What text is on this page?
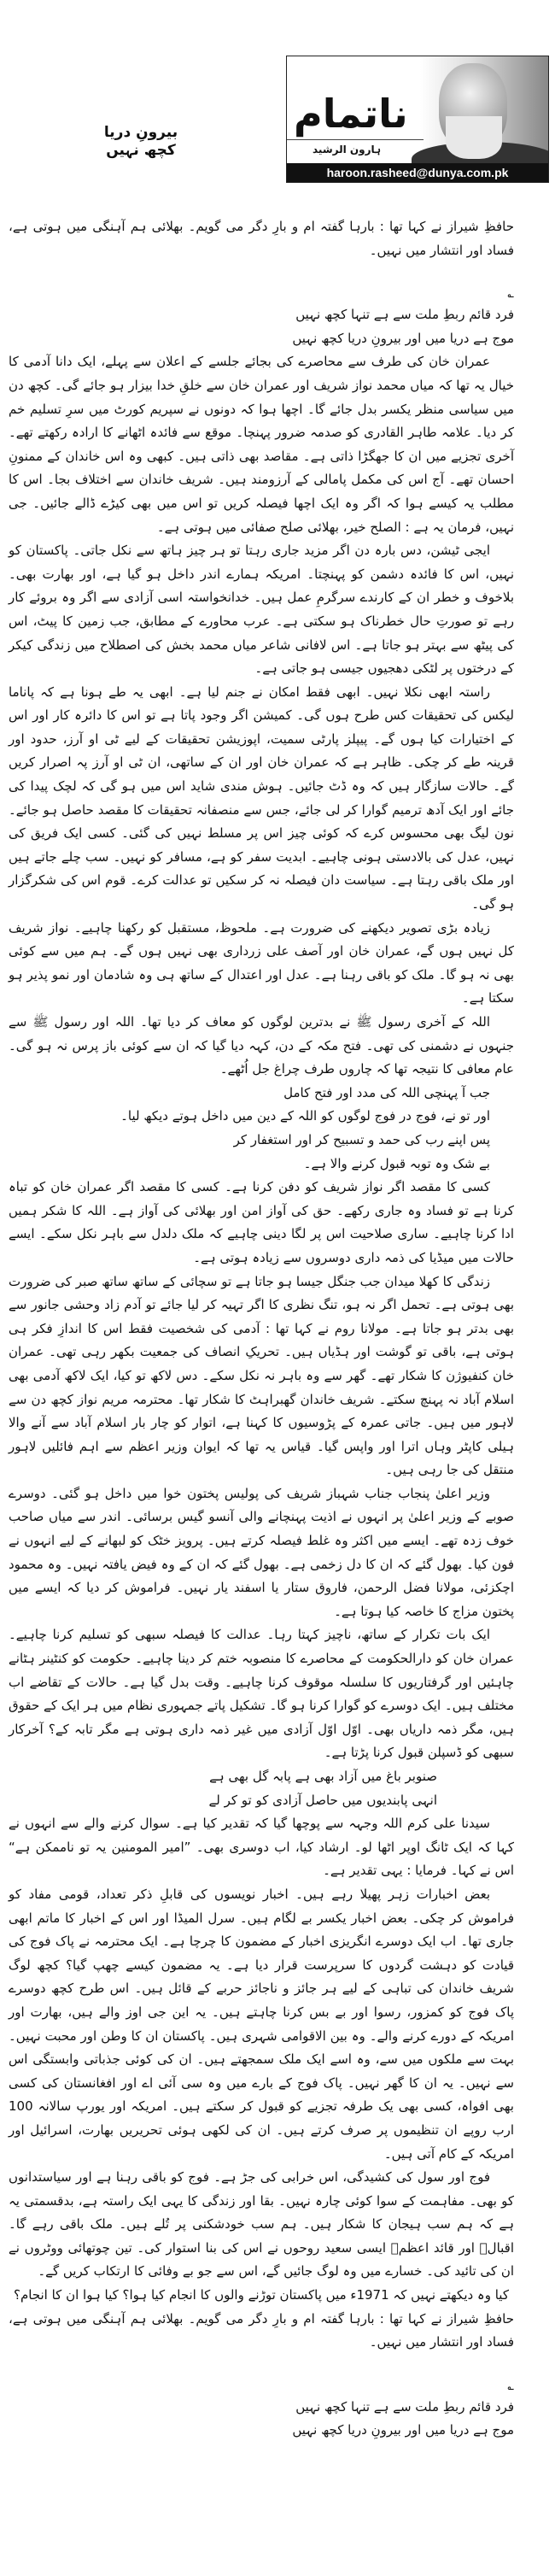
ناتمام
ہارون الرشید
haroon.rasheed@dunya.com.pk
بیرونِ دریا کچھ نہیں

حافظِ شیراز نے کہا تھا : بارہا گفتہ ام و بارِ دگر می گویم۔ بھلائی ہم آہنگی میں ہوتی ہے، فساد اور انتشار میں نہیں۔

؎
فرد قائم ربطِ ملت سے ہے تنہا کچھ نہیں
موج ہے دریا میں اور بیرونِ دریا کچھ نہیں

عمران خان کی طرف سے محاصرے کی بجائے جلسے کے اعلان سے پہلے، ایک دانا آدمی کا خیال یہ تھا کہ میاں محمد نواز شریف اور عمران خان سے خلقِ خدا بیزار ہو جائے گی۔ کچھ دن میں سیاسی منظر یکسر بدل جائے گا۔ اچھا ہوا کہ دونوں نے سپریم کورٹ میں سرِ تسلیم خم کر دیا۔ علامہ طاہر القادری کو صدمہ ضرور پہنچا۔ موقع سے فائدہ اٹھانے کا ارادہ رکھتے تھے۔ آخری تجزیے میں ان کا جھگڑا ذاتی ہے۔ مقاصد بھی ذاتی ہیں۔ کبھی وہ اس خاندان کے ممنونِ احسان تھے۔ آج اس کی مکمل پامالی کے آرزومند ہیں۔ شریف خاندان سے اختلاف بجا۔ اس کا مطلب یہ کیسے ہوا کہ اگر وہ ایک اچھا فیصلہ کریں تو اس میں بھی کیڑے ڈالے جائیں۔ جی نہیں، فرمان یہ ہے : الصلح خیر، بھلائی صلح صفائی میں ہوتی ہے۔

ایجی ٹیشن، دس بارہ دن اگر مزید جاری رہتا تو ہر چیز ہاتھ سے نکل جاتی۔ پاکستان کو نہیں، اس کا فائدہ دشمن کو پہنچتا۔ امریکہ ہمارے اندر داخل ہو گیا ہے، اور بھارت بھی۔ بلاخوف و خطر ان کے کارندے سرگرمِ عمل ہیں۔ خدانخواستہ اسی آزادی سے اگر وہ بروئے کار رہے تو صورتِ حال خطرناک ہو سکتی ہے۔ عرب محاورے کے مطابق، جب زمین کا پیٹ، اس کی پیٹھ سے بہتر ہو جاتا ہے۔ اس لافانی شاعر میاں محمد بخش کی اصطلاح میں زندگی کیکر کے درختوں پر لٹکی دھجیوں جیسی ہو جاتی ہے۔

راستہ ابھی نکلا نہیں۔ ابھی فقط امکان نے جنم لیا ہے۔ ابھی یہ طے ہونا ہے کہ پاناما لیکس کی تحقیقات کس طرح ہوں گی۔ کمیشن اگر وجود پاتا ہے تو اس کا دائرہ کار اور اس کے اختیارات کیا ہوں گے۔ پیپلز پارٹی سمیت، اپوزیشن تحقیقات کے لیے ٹی او آرز، حدود اور قرینہ طے کر چکی۔ ظاہر ہے کہ عمران خان اور ان کے ساتھی، ان ٹی او آرز پہ اصرار کریں گے۔ حالات سازگار ہیں کہ وہ ڈٹ جائیں۔ ہوش مندی شاید اس میں ہو گی کہ لچک پیدا کی جائے اور ایک آدھ ترمیم گوارا کر لی جائے، جس سے منصفانہ تحقیقات کا مقصد حاصل ہو جائے۔ نون لیگ بھی محسوس کرے کہ کوئی چیز اس پر مسلط نہیں کی گئی۔ کسی ایک فریق کی نہیں، عدل کی بالادستی ہونی چاہیے۔ ابدیت سفر کو ہے، مسافر کو نہیں۔ سب چلے جاتے ہیں اور ملک باقی رہتا ہے۔ سیاست دان فیصلہ نہ کر سکیں تو عدالت کرے۔ قوم اس کی شکرگزار ہو گی۔

زیادہ بڑی تصویر دیکھنے کی ضرورت ہے۔ ملحوظ، مستقبل کو رکھنا چاہیے۔ نواز شریف کل نہیں ہوں گے، عمران خان اور آصف علی زرداری بھی نہیں ہوں گے۔ ہم میں سے کوئی بھی نہ ہو گا۔ ملک کو باقی رہنا ہے۔ عدل اور اعتدال کے ساتھ ہی وہ شادمان اور نمو پذیر ہو سکتا ہے۔

اللہ کے آخری رسول ﷺ نے بدترین لوگوں کو معاف کر دیا تھا۔ اللہ اور رسول ﷺ سے جنہوں نے دشمنی کی تھی۔ فتح مکہ کے دن، کہہ دیا گیا کہ ان سے کوئی باز پرس نہ ہو گی۔ عام معافی کا نتیجہ تھا کہ چاروں طرف چراغ جل اُٹھے۔

جب آ پہنچی اللہ کی مدد اور فتح کامل
اور تو نے، فوج در فوج لوگوں کو اللہ کے دین میں داخل ہوتے دیکھ لیا۔
پس اپنے رب کی حمد و تسبیح کر اور استغفار کر
بے شک وہ توبہ قبول کرنے والا ہے۔

کسی کا مقصد اگر نواز شریف کو دفن کرنا ہے۔ کسی کا مقصد اگر عمران خان کو تباہ کرنا ہے تو فساد وہ جاری رکھے۔ حق کی آواز امن اور بھلائی کی آواز ہے۔ اللہ کا شکر ہمیں ادا کرنا چاہیے۔ ساری صلاحیت اس پر لگا دینی چاہیے کہ ملک دلدل سے باہر نکل سکے۔ ایسے حالات میں میڈیا کی ذمہ داری دوسروں سے زیادہ ہوتی ہے۔

زندگی کا کھلا میدان جب جنگل جیسا ہو جاتا ہے تو سچائی کے ساتھ ساتھ صبر کی ضرورت بھی ہوتی ہے۔ تحمل اگر نہ ہو، تنگ نظری کا اگر تہیہ کر لیا جائے تو آدم زاد وحشی جانور سے بھی بدتر ہو جاتا ہے۔ مولانا روم نے کہا تھا : آدمی کی شخصیت فقط اس کا اندازِ فکر ہی ہوتی ہے، باقی تو گوشت اور ہڈیاں ہیں۔ تحریکِ انصاف کی جمعیت بکھر رہی تھی۔ عمران خان کنفیوژن کا شکار تھے۔ گھر سے وہ باہر نہ نکل سکے۔ دس لاکھ تو کیا، ایک لاکھ آدمی بھی اسلام آباد نہ پہنچ سکتے۔ شریف خاندان گھبراہٹ کا شکار تھا۔ محترمہ مریم نواز کچھ دن سے لاہور میں ہیں۔ جاتی عمرہ کے پڑوسیوں کا کہنا ہے، اتوار کو چار بار اسلام آباد سے آنے والا ہیلی کاپٹر وہاں اترا اور واپس گیا۔ قیاس یہ تھا کہ ایوان وزیر اعظم سے اہم فائلیں لاہور منتقل کی جا رہی ہیں۔

وزیر اعلیٰ پنجاب جناب شہباز شریف کی پولیس پختون خوا میں داخل ہو گئی۔ دوسرے صوبے کے وزیر اعلیٰ پر انہوں نے اذیت پہنچانے والی آنسو گیس برسائی۔ اندر سے میاں صاحب خوف زدہ تھے۔ ایسے میں اکثر وہ غلط فیصلہ کرتے ہیں۔ پرویز خٹک کو لبھانے کے لیے انہوں نے فون کیا۔ بھول گئے کہ ان کا دل زخمی ہے۔ بھول گئے کہ ان کے وہ فیض یافتہ نہیں۔ وہ محمود اچکزئی، مولانا فضل الرحمن، فاروق ستار یا اسفند یار نہیں۔ فراموش کر دیا کہ ایسے میں پختون مزاج کا خاصہ کیا ہوتا ہے۔

ایک بات تکرار کے ساتھ، ناچیز کہتا رہا۔ عدالت کا فیصلہ سبھی کو تسلیم کرنا چاہیے۔ عمران خان کو دارالحکومت کے محاصرے کا منصوبہ ختم کر دینا چاہیے۔ حکومت کو کنٹینر ہٹانے چاہئیں اور گرفتاریوں کا سلسلہ موقوف کرنا چاہیے۔ وقت بدل گیا ہے۔ حالات کے تقاضے اب مختلف ہیں۔ ایک دوسرے کو گوارا کرنا ہو گا۔ تشکیل پاتے جمہوری نظام میں ہر ایک کے حقوق ہیں، مگر ذمہ داریاں بھی۔ اوّل اوّل آزادی میں غیر ذمہ داری ہوتی ہے مگر تابہ کے؟ آخرکار سبھی کو ڈسپلن قبول کرنا پڑتا ہے۔

صنوبر باغ میں آزاد بھی ہے پابہ گل بھی ہے
انہی پابندیوں میں حاصل آزادی کو تو کر لے

سیدنا علی کرم اللہ وجہہ سے پوچھا گیا کہ تقدیر کیا ہے۔ سوال کرنے والے سے انہوں نے کہا کہ ایک ٹانگ اوپر اٹھا لو۔ ارشاد کیا، اب دوسری بھی۔ ”امیر المومنین یہ تو ناممکن ہے“ اس نے کہا۔ فرمایا : یہی تقدیر ہے۔

بعض اخبارات زہر پھیلا رہے ہیں۔ اخبار نویسوں کی قابلِ ذکر تعداد، قومی مفاد کو فراموش کر چکی۔ بعض اخبار یکسر بے لگام ہیں۔ سرل المیڈا اور اس کے اخبار کا ماتم ابھی جاری تھا۔ اب ایک دوسرے انگریزی اخبار کے مضمون کا چرچا ہے۔ ایک محترمہ نے پاک فوج کی قیادت کو دہشت گردوں کا سرپرست قرار دیا ہے۔ یہ مضمون کیسے چھپ گیا؟ کچھ لوگ شریف خاندان کی تباہی کے لیے ہر جائز و ناجائز حربے کے قائل ہیں۔ اس طرح کچھ دوسرے پاک فوج کو کمزور، رسوا اور بے بس کرنا چاہتے ہیں۔ یہ این جی اوز والے ہیں، بھارت اور امریکہ کے دورے کرنے والے۔ وہ بین الاقوامی شہری ہیں۔ پاکستان ان کا وطن اور محبت نہیں۔ بہت سے ملکوں میں سے، وہ اسے ایک ملک سمجھتے ہیں۔ ان کی کوئی جذباتی وابستگی اس سے نہیں۔ یہ ان کا گھر نہیں۔ پاک فوج کے بارے میں وہ سی آئی اے اور افغانستان کی کسی بھی افواہ، کسی بھی یک طرفہ تجزیے کو قبول کر سکتے ہیں۔ امریکہ اور یورپ سالانہ 100 ارب روپے ان تنظیموں پر صرف کرتے ہیں۔ ان کی لکھی ہوئی تحریریں بھارت، اسرائیل اور امریکہ کے کام آتی ہیں۔

فوج اور سول کی کشیدگی، اس خرابی کی جڑ ہے۔ فوج کو باقی رہنا ہے اور سیاستدانوں کو بھی۔ مفاہمت کے سوا کوئی چارہ نہیں۔ بقا اور زندگی کا یہی ایک راستہ ہے، بدقسمتی یہ ہے کہ ہم سب ہیجان کا شکار ہیں۔ ہم سب خودشکنی پر تُلے ہیں۔ ملک باقی رہے گا۔ اقبالؒ اور قائد اعظمؒ ایسی سعید روحوں نے اس کی بنا استوار کی۔ تین چوتھائی ووٹروں نے ان کی تائید کی۔ خسارے میں وہ لوگ جائیں گے، اس سے جو بے وفائی کا ارتکاب کریں گے۔

کیا وہ دیکھتے نہیں کہ 1971ء میں پاکستان توڑنے والوں کا انجام کیا ہوا؟ کیا ہوا ان کا انجام؟

حافظِ شیراز نے کہا تھا : بارہا گفتہ ام و بارِ دگر می گویم۔ بھلائی ہم آہنگی میں ہوتی ہے، فساد اور انتشار میں نہیں۔

؎
فرد قائم ربطِ ملت سے ہے تنہا کچھ نہیں
موج ہے دریا میں اور بیرونِ دریا کچھ نہیں
